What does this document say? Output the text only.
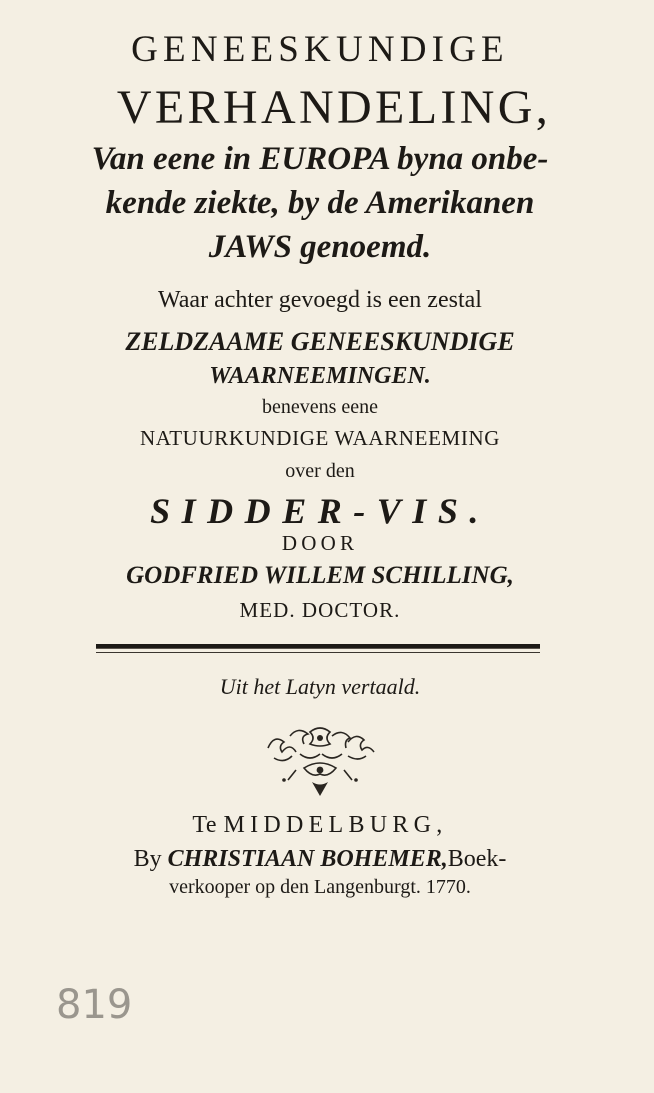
GENEESKUNDIGE
VERHANDELING,
Van eene in EUROPA byna onbe-
kende ziekte, by de Amerikanen
JAWS genoemd.
Waar achter gevoegd is een zestal
ZELDZAAME GENEESKUNDIGE
WAARNEEMINGEN.
benevens eene
NATUURKUNDIGE WAARNEEMING
over den
SIDDER-VIS.
DOOR
GODFRIED WILLEM SCHILLING,
MED. DOCTOR.
Uit het Latyn vertaald.
Te MIDDELBURG,
By CHRISTIAAN BOHEMER,Boek-
verkooper op den Langenburgt. 1770.
819
